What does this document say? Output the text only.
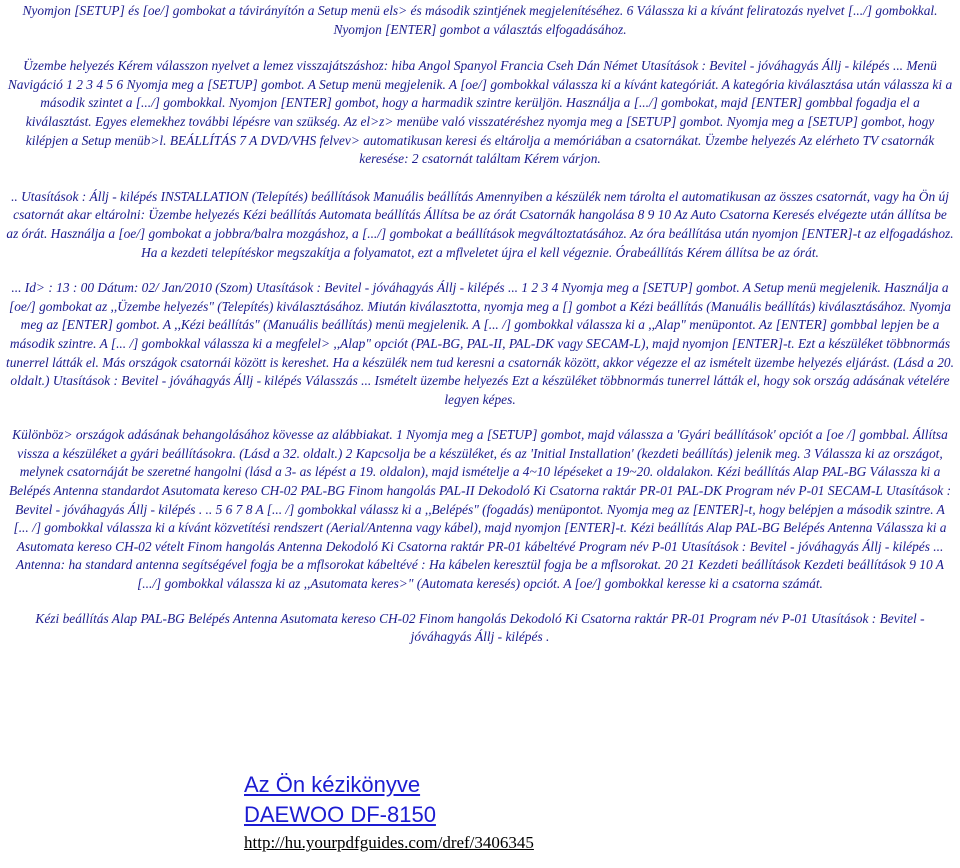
Nyomjon [SETUP] és [oe/] gombokat a távirányítón a Setup menü els> és második szintjének megjelenítéséhez. 6 Válassza ki a kívánt feliratozás nyelvet [.../] gombokkal. Nyomjon [ENTER] gombot a választás elfogadásához.

Üzembe helyezés Kérem válasszon nyelvet a lemez visszajátszáshoz: hiba Angol Spanyol Francia Cseh Dán Német Utasítások : Bevitel - jóváhagyás Állj - kilépés ... Menü Navigáció 1 2 3 4 5 6 Nyomja meg a [SETUP] gombot. A Setup menü megjelenik. A [oe/] gombokkal válassza ki a kívánt kategóriát. A kategória kiválasztása után válassza ki a második szintet a [.../] gombokkal. Nyomjon [ENTER] gombot, hogy a harmadik szintre kerüljön. Használja a [.../] gombokat, majd [ENTER] gombbal fogadja el a kiválasztást. Egyes elemekhez további lépésre van szükség. Az el>z> menübe való visszatéréshez nyomja meg a [SETUP] gombot. Nyomja meg a [SETUP] gombot, hogy kilépjen a Setup menüb>l. BEÁLLÍTÁS 7 A DVD/VHS felvev> automatikusan keresi és eltárolja a memóriában a csatornákat. Üzembe helyezés Az elérheto TV csatornák keresése: 2 csatornát találtam Kérem várjon.

.. Utasítások : Állj - kilépés INSTALLATION (Telepítés) beállítások Manuális beállítás Amennyiben a készülék nem tárolta el automatikusan az összes csatornát, vagy ha Ön új csatornát akar eltárolni: Üzembe helyezés Kézi beállítás Automata beállítás Állítsa be az órát Csatornák hangolása 8 9 10 Az Auto Csatorna Keresés elvégezte után állítsa be az órát. Használja a [oe/] gombokat a jobbra/balra mozgáshoz, a [.../] gombokat a beállítások megváltoztatásához. Az óra beállítása után nyomjon [ENTER]-t az elfogadáshoz. Ha a kezdeti telepítéskor megszakítja a folyamatot, ezt a mflveletet újra el kell végeznie. Órabeállítás Kérem állítsa be az órát.

... Id> : 13 : 00 Dátum: 02/ Jan/2010 (Szom) Utasítások : Bevitel - jóváhagyás Állj - kilépés ... 1 2 3 4 Nyomja meg a [SETUP] gombot. A Setup menü megjelenik. Használja a [oe/] gombokat az ,,Üzembe helyezés" (Telepítés) kiválasztásához. Miután kiválasztotta, nyomja meg a [] gombot a Kézi beállítás (Manuális beállítás) kiválasztásához. Nyomja meg az [ENTER] gombot. A ,,Kézi beállítás" (Manuális beállítás) menü megjelenik. A [... /] gombokkal válassza ki a ,,Alap" menüpontot. Az [ENTER] gombbal lepjen be a második szintre. A [... /] gombokkal válassza ki a megfelel> ,,Alap" opciót (PAL-BG, PAL-II, PAL-DK vagy SECAM-L), majd nyomjon [ENTER]-t. Ezt a készüléket többnormás tunerrel látták el. Más országok csatornái között is kereshet. Ha a készülék nem tud keresni a csatornák között, akkor végezze el az ismételt üzembe helyezés eljárást. (Lásd a 20. oldalt.) Utasítások : Bevitel - jóváhagyás Állj - kilépés Válasszás ... Ismételt üzembe helyezés Ezt a készüléket többnormás tunerrel látták el, hogy sok ország adásának vételére legyen képes.

Különböz> országok adásának behangolásához kövesse az alábbiakat. 1 Nyomja meg a [SETUP] gombot, majd válassza a 'Gyári beállítások' opciót a [oe /] gombbal. Állítsa vissza a készüléket a gyári beállításokra. (Lásd a 32. oldalt.) 2 Kapcsolja be a készüléket, és az 'Initial Installation' (kezdeti beállítás) jelenik meg. 3 Válassza ki az országot, melynek csatornáját be szeretné hangolni (lásd a 3- as lépést a 19. oldalon), majd ismételje a 4~10 lépéseket a 19~20. oldalakon. Kézi beállítás Alap PAL-BG Válassza ki a Belépés Antenna standardot Asutomata kereso CH-02 PAL-BG Finom hangolás PAL-II Dekodoló Ki Csatorna raktár PR-01 PAL-DK Program név P-01 SECAM-L Utasítások : Bevitel - jóváhagyás Állj - kilépés . .. 5 6 7 8 A [... /] gombokkal válassz ki a ,,Belépés" (fogadás) menüpontot. Nyomja meg az [ENTER]-t, hogy belépjen a második szintre. A [... /] gombokkal válassza ki a kívánt közvetítési rendszert (Aerial/Antenna vagy kábel), majd nyomjon [ENTER]-t. Kézi beállítás Alap PAL-BG Belépés Antenna Válassza ki a Asutomata kereso CH-02 vételt Finom hangolás Antenna Dekodoló Ki Csatorna raktár PR-01 kábeltévé Program név P-01 Utasítások : Bevitel - jóváhagyás Állj - kilépés ... Antenna: ha standard antenna segítségével fogja be a mflsorokat kábeltévé : Ha kábelen keresztül fogja be a mflsorokat. 20 21 Kezdeti beállítások Kezdeti beállítások 9 10 A [.../] gombokkal válassza ki az ,,Asutomata keres>" (Automata keresés) opciót. A [oe/] gombokkal keresse ki a csatorna számát.

Kézi beállítás Alap PAL-BG Belépés Antenna Asutomata kereso CH-02 Finom hangolás Dekodoló Ki Csatorna raktár PR-01 Program név P-01 Utasítások : Bevitel - jóváhagyás Állj - kilépés .

Az Ön kézikönyve
DAEWOO DF-8150
http://hu.yourpdfguides.com/dref/3406345
